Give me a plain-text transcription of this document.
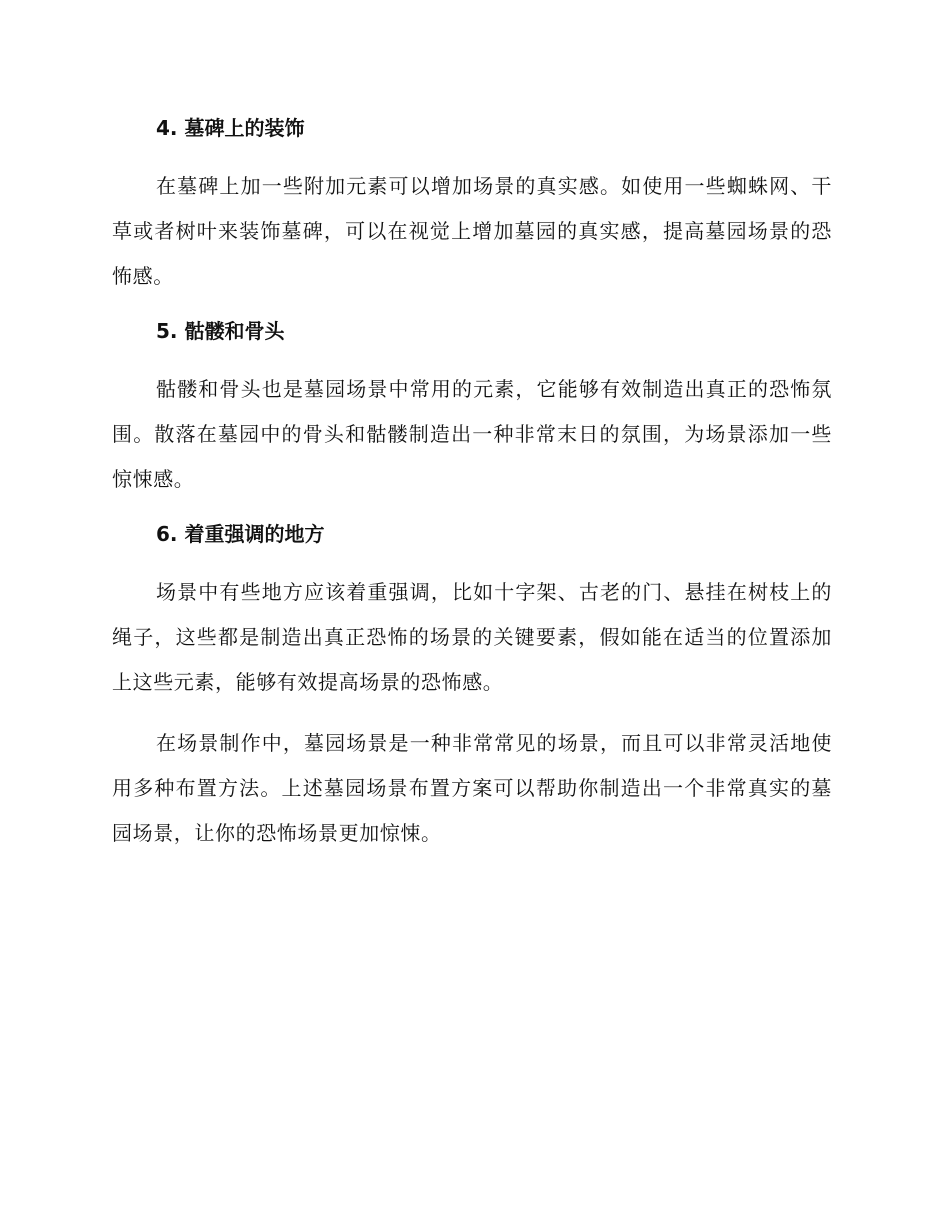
4. 墓碑上的装饰

在墓碑上加一些附加元素可以增加场景的真实感。如使用一些蜘蛛网、干草或者树叶来装饰墓碑，可以在视觉上增加墓园的真实感，提高墓园场景的恐怖感。

5. 骷髅和骨头

骷髅和骨头也是墓园场景中常用的元素，它能够有效制造出真正的恐怖氛围。散落在墓园中的骨头和骷髅制造出一种非常末日的氛围，为场景添加一些惊悚感。

6. 着重强调的地方

场景中有些地方应该着重强调，比如十字架、古老的门、悬挂在树枝上的绳子，这些都是制造出真正恐怖的场景的关键要素，假如能在适当的位置添加上这些元素，能够有效提高场景的恐怖感。

在场景制作中，墓园场景是一种非常常见的场景，而且可以非常灵活地使用多种布置方法。上述墓园场景布置方案可以帮助你制造出一个非常真实的墓园场景，让你的恐怖场景更加惊悚。
